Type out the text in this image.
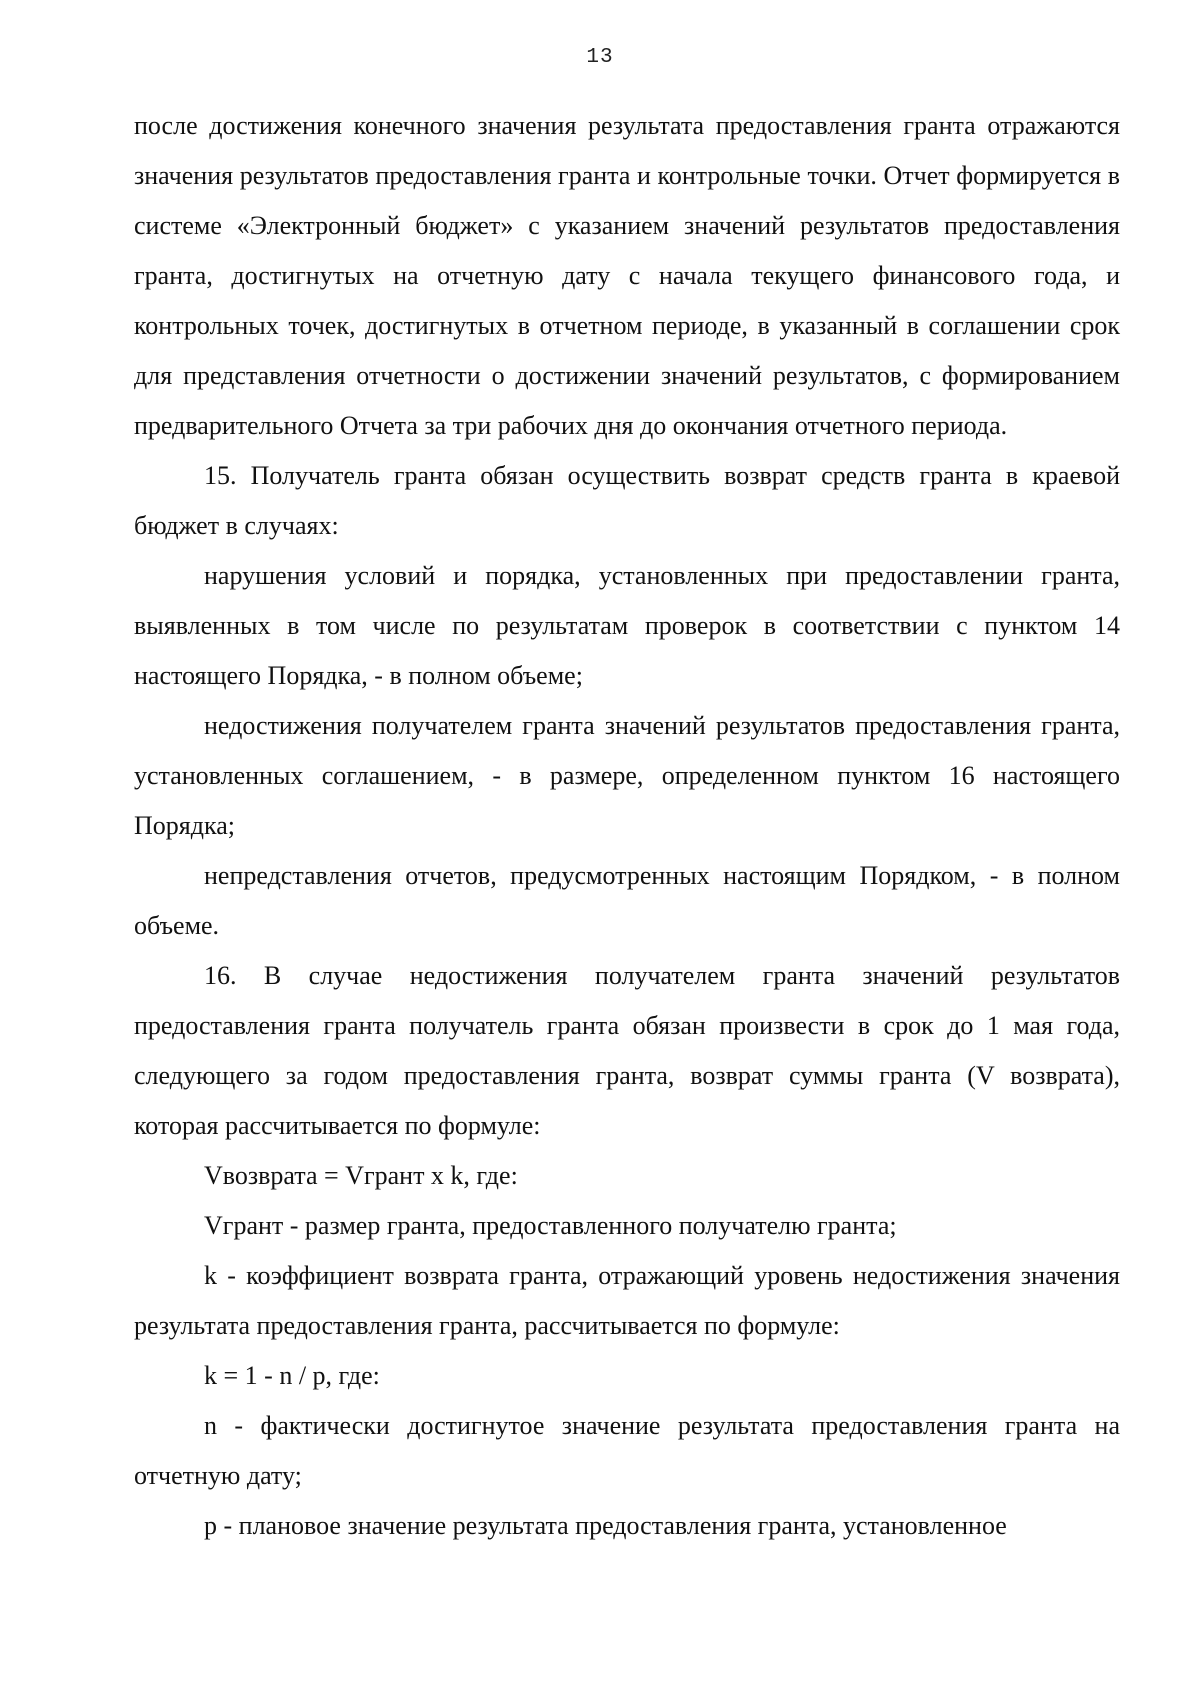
13

после достижения конечного значения результата предоставления гранта отражаются значения результатов предоставления гранта и контрольные точки. Отчет формируется в системе «Электронный бюджет» с указанием значений результатов предоставления гранта, достигнутых на отчетную дату с начала текущего финансового года, и контрольных точек, достигнутых в отчетном периоде, в указанный в соглашении срок для представления отчетности о достижении значений результатов, с формированием предварительного Отчета за три рабочих дня до окончания отчетного периода.

15. Получатель гранта обязан осуществить возврат средств гранта в краевой бюджет в случаях:

нарушения условий и порядка, установленных при предоставлении гранта, выявленных в том числе по результатам проверок в соответствии с пунктом 14 настоящего Порядка, - в полном объеме;

недостижения получателем гранта значений результатов предоставления гранта, установленных соглашением, - в размере, определенном пунктом 16 настоящего Порядка;

непредставления отчетов, предусмотренных настоящим Порядком, - в полном объеме.

16. В случае недостижения получателем гранта значений результатов предоставления гранта получатель гранта обязан произвести в срок до 1 мая года, следующего за годом предоставления гранта, возврат суммы гранта (V возврата), которая рассчитывается по формуле:

Vвозврата = Vгрант x k, где:

Vгрант - размер гранта, предоставленного получателю гранта;

k - коэффициент возврата гранта, отражающий уровень недостижения значения результата предоставления гранта, рассчитывается по формуле:

k = 1 - n / p, где:

n - фактически достигнутое значение результата предоставления гранта на отчетную дату;

p - плановое значение результата предоставления гранта, установленное
